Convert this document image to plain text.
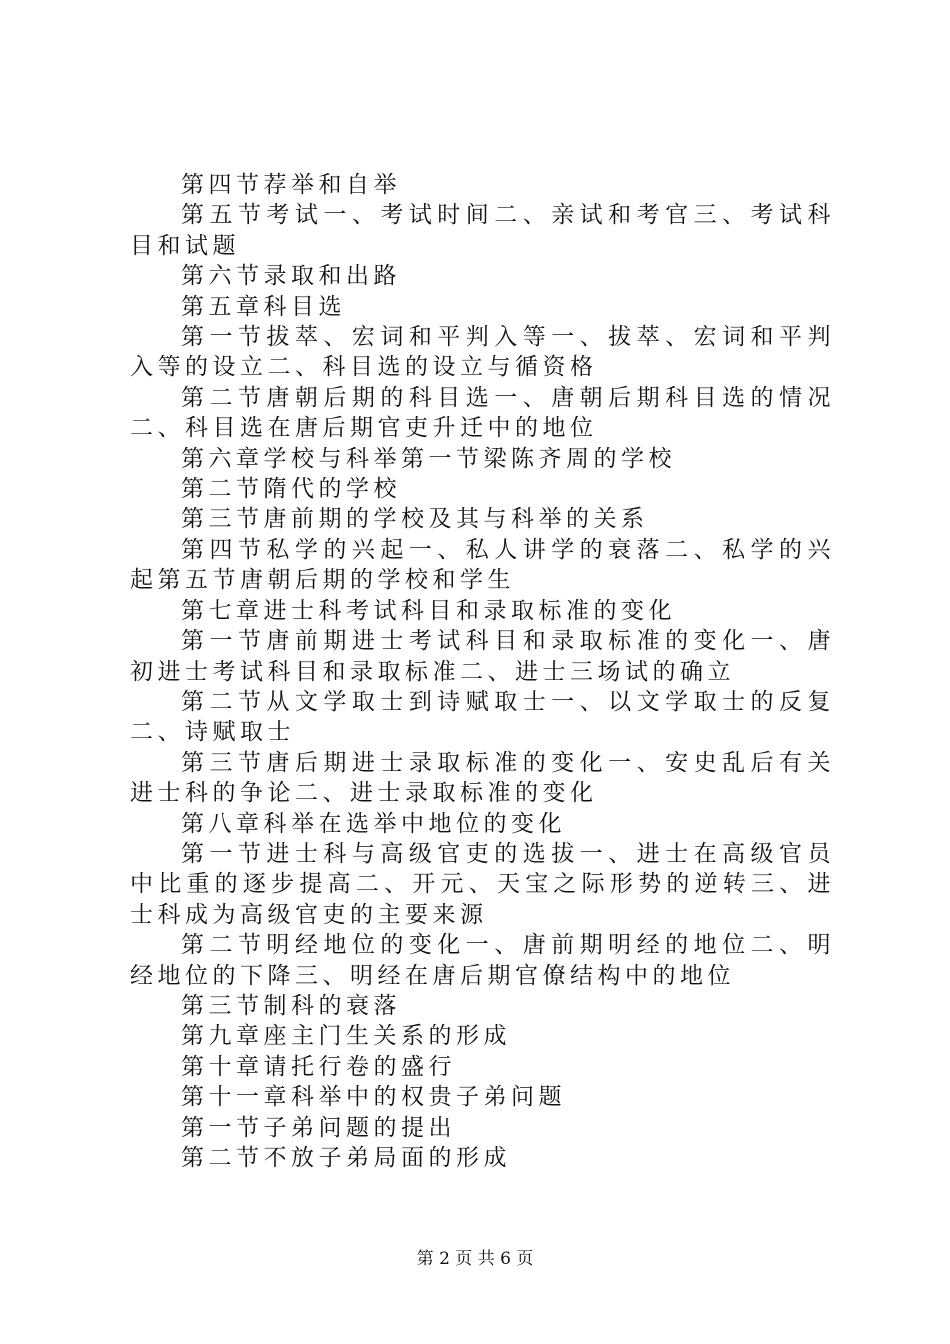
第四节荐举和自举

第五节考试一、考试时间二、亲试和考官三、考试科目和试题

第六节录取和出路

第五章科目选

第一节拔萃、宏词和平判入等一、拔萃、宏词和平判入等的设立二、科目选的设立与循资格

第二节唐朝后期的科目选一、唐朝后期科目选的情况二、科目选在唐后期官吏升迁中的地位

第六章学校与科举第一节梁陈齐周的学校

第二节隋代的学校

第三节唐前期的学校及其与科举的关系

第四节私学的兴起一、私人讲学的衰落二、私学的兴起第五节唐朝后期的学校和学生

第七章进士科考试科目和录取标准的变化

第一节唐前期进士考试科目和录取标准的变化一、唐初进士考试科目和录取标准二、进士三场试的确立

第二节从文学取士到诗赋取士一、以文学取士的反复二、诗赋取士

第三节唐后期进士录取标准的变化一、安史乱后有关进士科的争论二、进士录取标准的变化

第八章科举在选举中地位的变化

第一节进士科与高级官吏的选拔一、进士在高级官员中比重的逐步提高二、开元、天宝之际形势的逆转三、进士科成为高级官吏的主要来源

第二节明经地位的变化一、唐前期明经的地位二、明经地位的下降三、明经在唐后期官僚结构中的地位

第三节制科的衰落

第九章座主门生关系的形成

第十章请托行卷的盛行

第十一章科举中的权贵子弟问题

第一节子弟问题的提出

第二节不放子弟局面的形成

第 2 页 共 6 页
